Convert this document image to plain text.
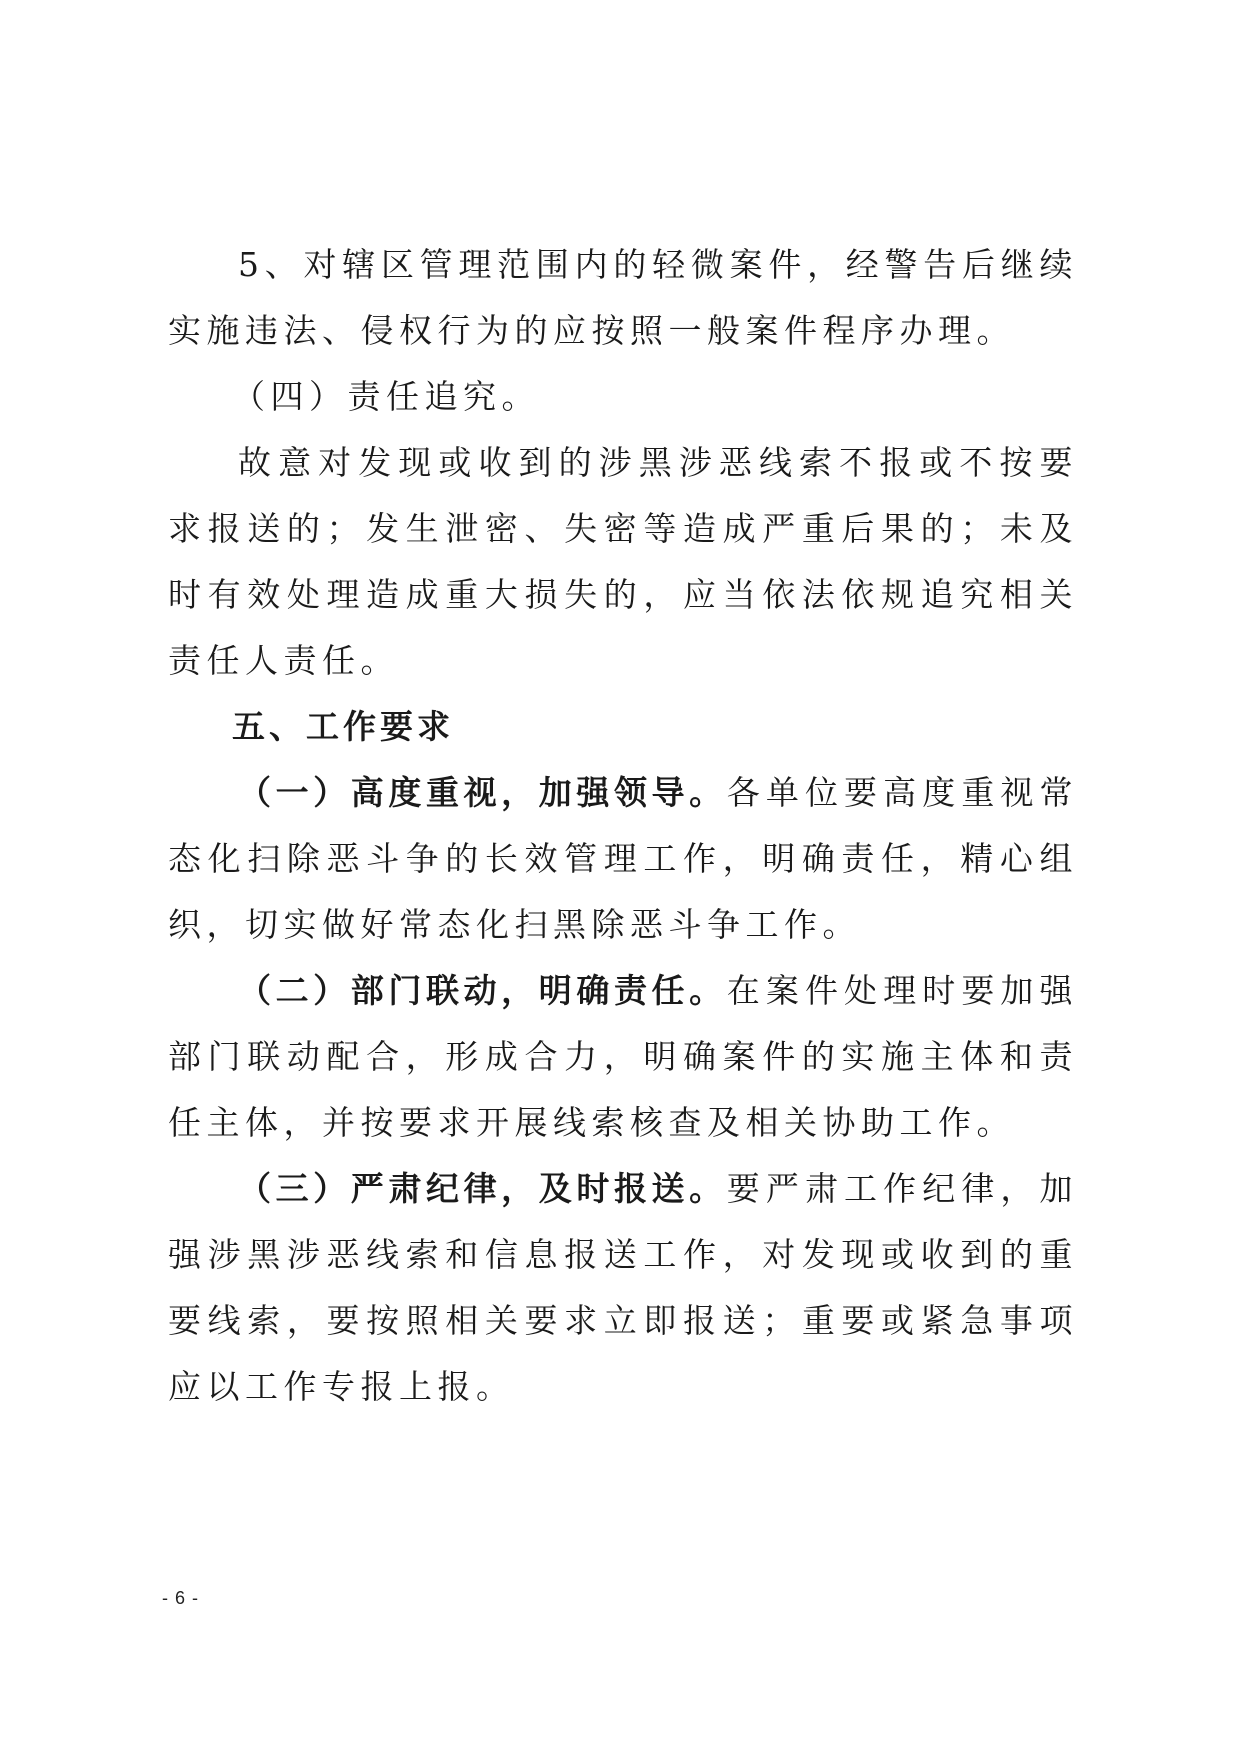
5、对辖区管理范围内的轻微案件，经警告后继续实施违法、侵权行为的应按照一般案件程序办理。

（四）责任追究。

故意对发现或收到的涉黑涉恶线索不报或不按要求报送的；发生泄密、失密等造成严重后果的；未及时有效处理造成重大损失的，应当依法依规追究相关责任人责任。

五、工作要求

（一）高度重视，加强领导。各单位要高度重视常态化扫除恶斗争的长效管理工作，明确责任，精心组织，切实做好常态化扫黑除恶斗争工作。

（二）部门联动，明确责任。在案件处理时要加强部门联动配合，形成合力，明确案件的实施主体和责任主体，并按要求开展线索核查及相关协助工作。

（三）严肃纪律，及时报送。要严肃工作纪律，加强涉黑涉恶线索和信息报送工作，对发现或收到的重要线索，要按照相关要求立即报送；重要或紧急事项应以工作专报上报。

- 6 -
